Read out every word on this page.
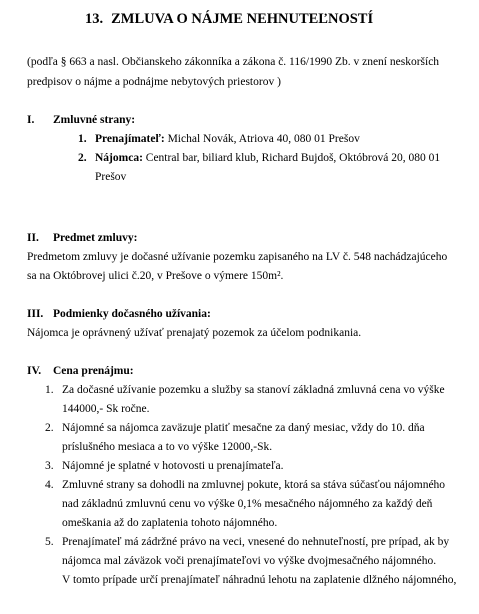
13. ZMLUVA O NÁJME NEHNUTEĽNOSTÍ
(podľa § 663 a nasl. Občianskeho zákonníka a zákona č. 116/1990 Zb. v znení neskorších
predpisov o nájme a podnájme nebytových priestorov )
I. Zmluvné strany:
1. Prenajímateľ: Michal Novák, Atriova 40, 080 01 Prešov
2. Nájomca: Central bar, biliard klub, Richard Bujdoš, Októbrová 20, 080 01
Prešov
II. Predmet zmluvy:
Predmetom zmluvy je dočasné užívanie pozemku zapisaného na LV č. 548 nachádzajúceho
sa na Októbrovej ulici č.20, v Prešove o výmere 150m².
III. Podmienky dočasného užívania:
Nájomca je oprávnený užívať prenajatý pozemok za účelom podnikania.
IV. Cena prenájmu:
1. Za dočasné užívanie pozemku a služby sa stanoví základná zmluvná cena vo výške
144000,- Sk ročne.
2. Nájomné sa nájomca zaväzuje platiť mesačne za daný mesiac, vždy do 10. dňa
príslušného mesiaca a to vo výške 12000,-Sk.
3. Nájomné je splatné v hotovosti u prenajímateľa.
4. Zmluvné strany sa dohodli na zmluvnej pokute, ktorá sa stáva súčasťou nájomného
nad základnú zmluvnú cenu vo výške 0,1% mesačného nájomného za každý deň
omeškania až do zaplatenia tohoto nájomného.
5. Prenajímateľ má zádržné právo na veci, vnesené do nehnuteľností, pre prípad, ak by
nájomca mal záväzok voči prenajímateľovi vo výške dvojmesačného nájomného.
V tomto prípade určí prenajímateľ náhradnú lehotu na zaplatenie dlžného nájomného,
